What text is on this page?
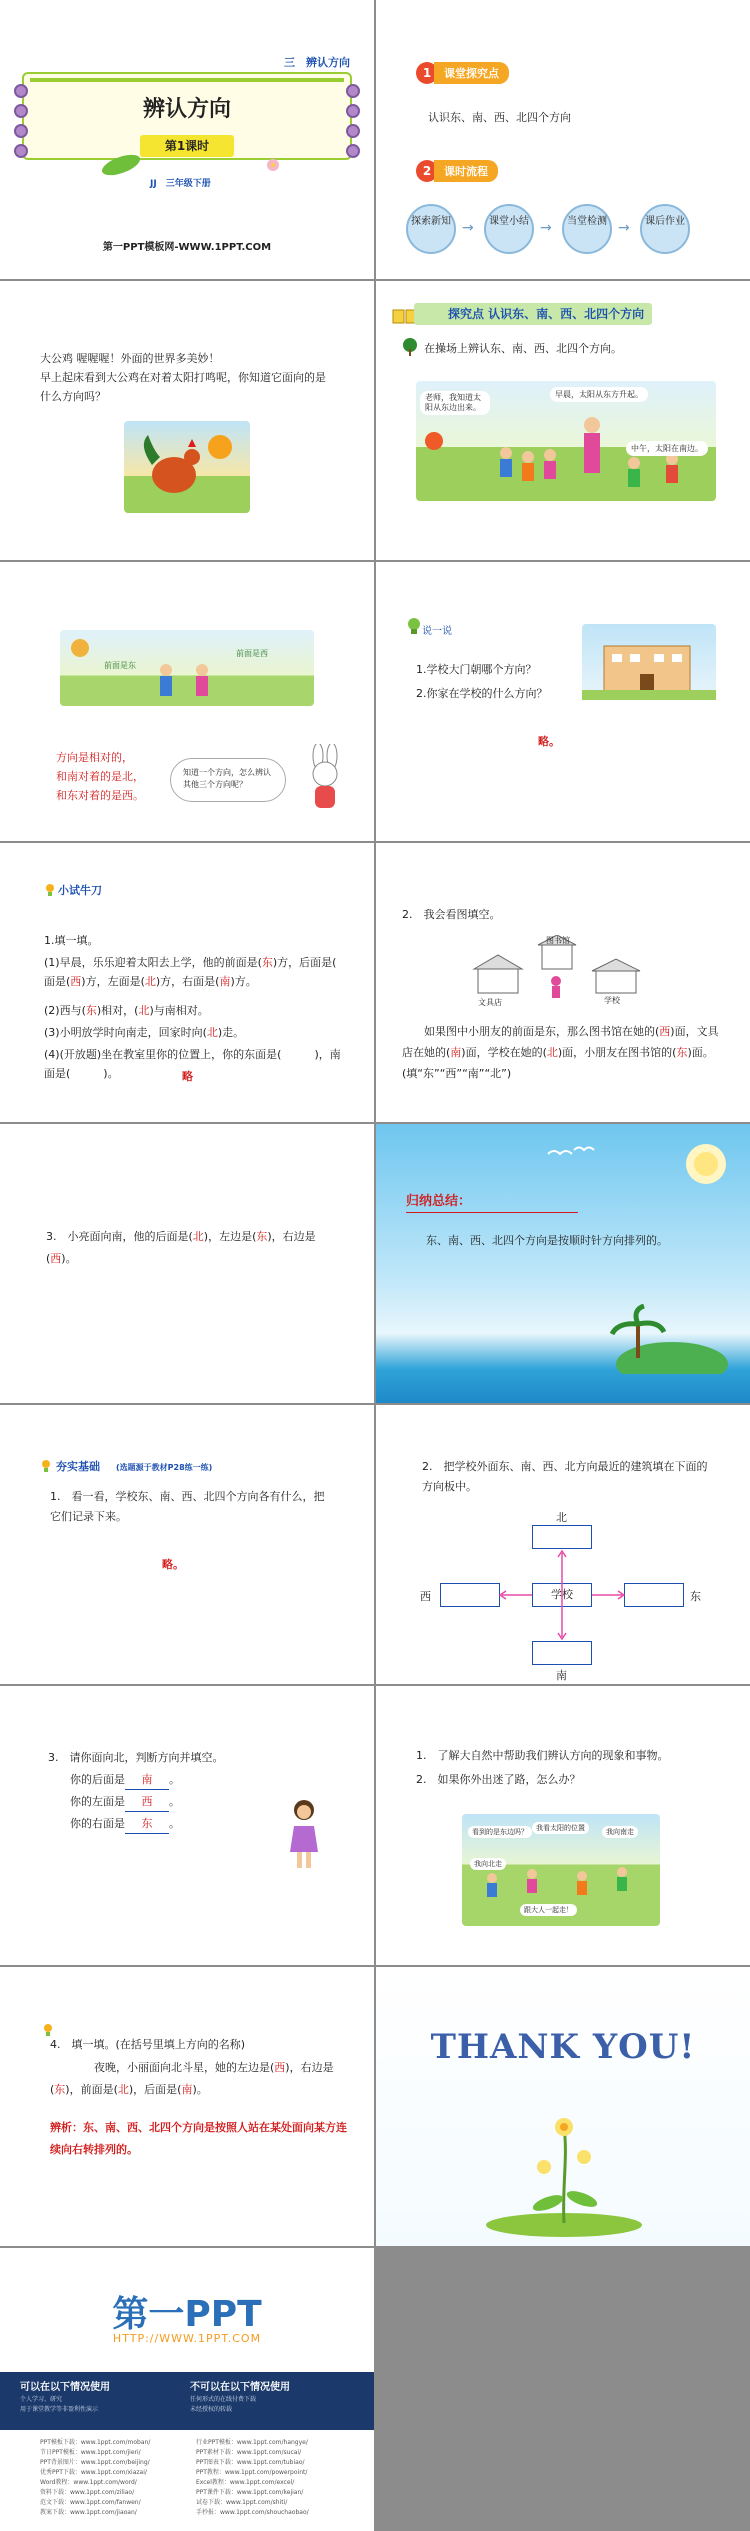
三　辨认方向
辨认方向
第1课时
JJ　三年级下册
第一PPT模板网-WWW.1PPT.COM
1	课堂探究点
认识东、南、西、北四个方向
2	课时流程
探索新知 →	课堂小结 →	当堂检测 →	课后作业
大公鸡 喔喔喔！外面的世界多美妙！
早上起床看到大公鸡在对着太阳打鸣呢，你知道它面向的是什么方向吗？
探究点 认识东、南、西、北四个方向
在操场上辨认东、南、西、北四个方向。
老师，我知道太阳从东边出来。
早晨，太阳从东方升起。
中午，太阳在南边。
前面是东
前面是西
方向是相对的，
和南对着的是北，
和东对着的是西。
知道一个方向，怎么辨认其他三个方向呢？
说一说
1.学校大门朝哪个方向？
2.你家在学校的什么方向？
略。
小试牛刀
1.填一填。
(1)早晨，乐乐迎着太阳去上学，他的前面是(东)方，后面是(
面是(西)方，左面是(北)方，右面是(南)方。
(2)西与(东)相对，(北)与南相对。
(3)小明放学时向南走，回家时向(北)走。
(4)(开放题)坐在教室里你的位置上，你的东面是(　　　)，南面是(　　　)。	略
2.　我会看图填空。
图书馆
文具店	学校
如果图中小朋友的前面是东，那么图书馆在她的(西)面，文具店在她的(南)面，学校在她的(北)面，小朋友在图书馆的(东)面。(填“东”“西”“南”“北”)
3.　小亮面向南，他的后面是(北)，左边是(东)，右边是(西)。
归纳总结：
东、南、西、北四个方向是按顺时针方向排列的。
夯实基础 (选题源于教材P28练一练)
1.　看一看，学校东、南、西、北四个方向各有什么，把它们记录下来。
略。
2.　把学校外面东、南、西、北方向最近的建筑填在下面的方向板中。
北
西	学校	东
南
3.　请你面向北，判断方向并填空。
你的后面是 南 。
你的左面是 西 。
你的右面是 东 。
1.　了解大自然中帮助我们辨认方向的现象和事物。
2.　如果你外出迷了路，怎么办？
看到的是东边吗？	我看太阳的位置	我向南走
我向北走
跟大人一起走！
4.　填一填。(在括号里填上方向的名称)
夜晚，小丽面向北斗星，她的左边是(西)，右边是(东)，前面是(北)，后面是(南)。
辨析：东、南、西、北四个方向是按照人站在某处面向某方连续向右转排列的。
THANK YOU!
第一PPT
HTTP://WWW.1PPT.COM
可以在以下情况使用
个人学习、研究
用于课堂教学等非盈利性演示
不可以在以下情况使用
任何形式的在线付费下载
未经授权的转载
PPT模板下载：www.1ppt.com/moban/
节日PPT模板：www.1ppt.com/jieri/
PPT背景图片：www.1ppt.com/beijing/
优秀PPT下载：www.1ppt.com/xiazai/
Word教程：www.1ppt.com/word/
资料下载：www.1ppt.com/ziliao/
范文下载：www.1ppt.com/fanwen/
教案下载：www.1ppt.com/jiaoan/
行业PPT模板：www.1ppt.com/hangye/
PPT素材下载：www.1ppt.com/sucai/
PPT图表下载：www.1ppt.com/tubiao/
PPT教程：www.1ppt.com/powerpoint/
Excel教程：www.1ppt.com/excel/
PPT课件下载：www.1ppt.com/kejian/
试卷下载：www.1ppt.com/shiti/
手抄报：www.1ppt.com/shouchaobao/
